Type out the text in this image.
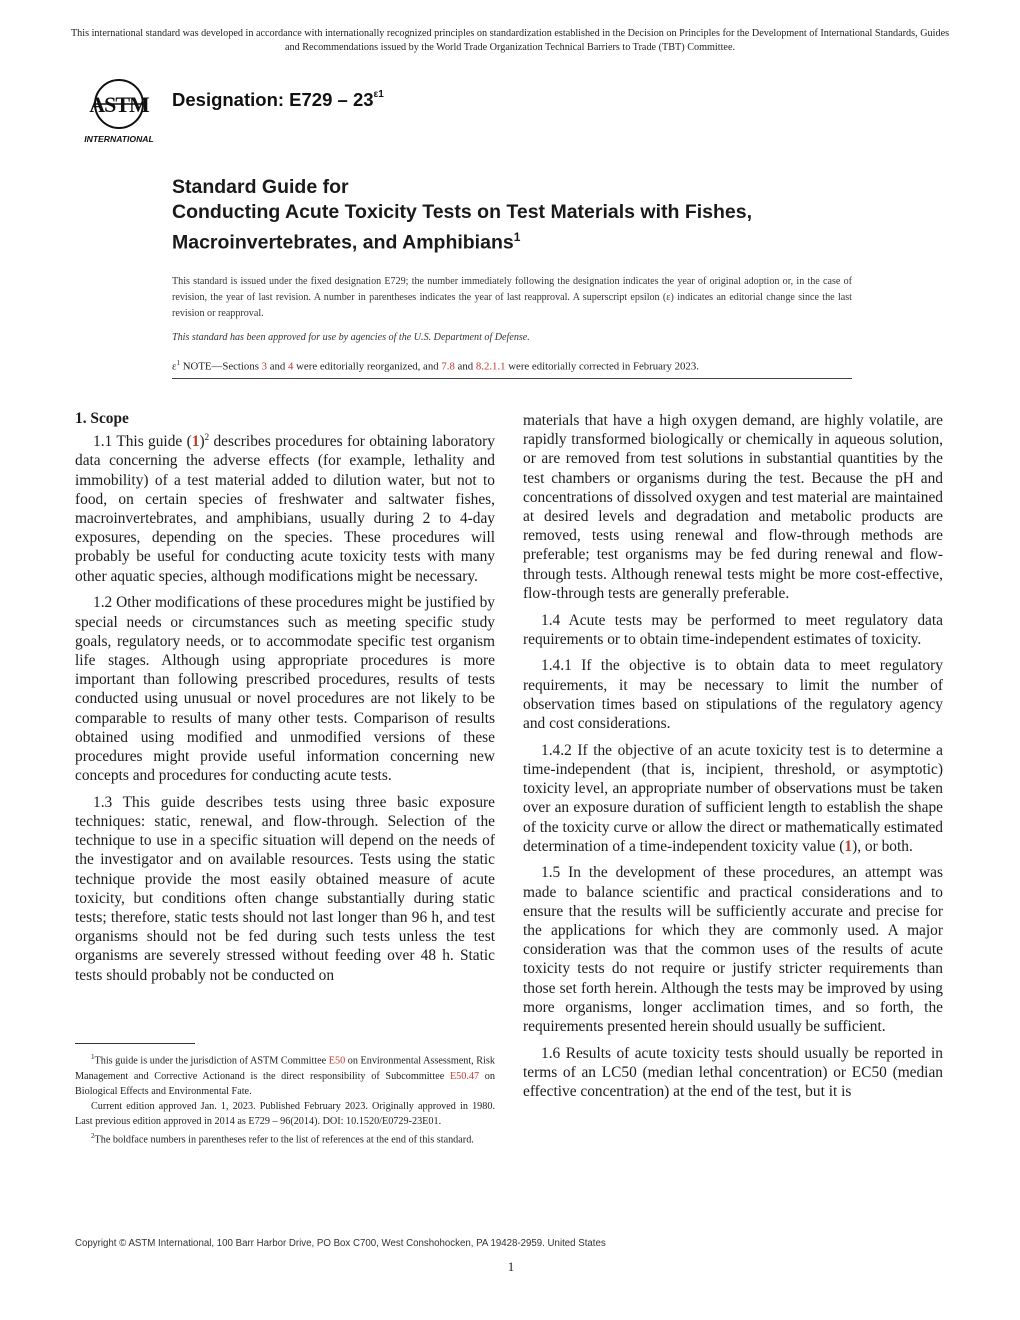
This international standard was developed in accordance with internationally recognized principles on standardization established in the Decision on Principles for the Development of International Standards, Guides and Recommendations issued by the World Trade Organization Technical Barriers to Trade (TBT) Committee.
ASTM
INTERNATIONAL
Designation: $E729 - 23^{\varepsilon 1}$
Standard Guide for
Conducting Acute Toxicity Tests on Test Materials with Fishes, Macroinvertebrates, and Amphibians$^1$
This standard is issued under the fixed designation E729; the number immediately following the designation indicates the year of original adoption or, in the case of revision, the year of last revision. A number in parentheses indicates the year of last reapproval. A superscript epsilon (ε) indicates an editorial change since the last revision or reapproval.
This standard has been approved for use by agencies of the U.S. Department of Defense.
$\varepsilon^1$ NOTE—Sections 3 and 4 were editorially reorganized, and 7.8 and 8.2.1.1 were editorially corrected in February 2023.

1. Scope

1.1 This guide $(1)^2$ describes procedures for obtaining laboratory data concerning the adverse effects (for example, lethality and immobility) of a test material added to dilution water, but not to food, on certain species of freshwater and saltwater fishes, macroinvertebrates, and amphibians, usually during 2 to 4-day exposures, depending on the species. These procedures will probably be useful for conducting acute toxicity tests with many other aquatic species, although modifications might be necessary.

1.2 Other modifications of these procedures might be justified by special needs or circumstances such as meeting specific study goals, regulatory needs, or to accommodate specific test organism life stages. Although using appropriate procedures is more important than following prescribed procedures, results of tests conducted using unusual or novel procedures are not likely to be comparable to results of many other tests. Comparison of results obtained using modified and unmodified versions of these procedures might provide useful information concerning new concepts and procedures for conducting acute tests.

1.3 This guide describes tests using three basic exposure techniques: static, renewal, and flow-through. Selection of the technique to use in a specific situation will depend on the needs of the investigator and on available resources. Tests using the static technique provide the most easily obtained measure of acute toxicity, but conditions often change substantially during static tests; therefore, static tests should not last longer than 96 h, and test organisms should not be fed during such tests unless the test organisms are severely stressed without feeding over 48 h. Static tests should probably not be conducted on

$^1$This guide is under the jurisdiction of ASTM Committee E50 on Environmental Assessment, Risk Management and Corrective Actionand is the direct responsibility of Subcommittee E50.47 on Biological Effects and Environmental Fate.

Current edition approved Jan. 1, 2023. Published February 2023. Originally approved in 1980. Last previous edition approved in 2014 as E729 – 96(2014). DOI: 10.1520/E0729-23E01.

$^2$The boldface numbers in parentheses refer to the list of references at the end of this standard.

materials that have a high oxygen demand, are highly volatile, are rapidly transformed biologically or chemically in aqueous solution, or are removed from test solutions in substantial quantities by the test chambers or organisms during the test. Because the pH and concentrations of dissolved oxygen and test material are maintained at desired levels and degradation and metabolic products are removed, tests using renewal and flow-through methods are preferable; test organisms may be fed during renewal and flow-through tests. Although renewal tests might be more cost-effective, flow-through tests are generally preferable.

1.4 Acute tests may be performed to meet regulatory data requirements or to obtain time-independent estimates of toxicity.

1.4.1 If the objective is to obtain data to meet regulatory requirements, it may be necessary to limit the number of observation times based on stipulations of the regulatory agency and cost considerations.

1.4.2 If the objective of an acute toxicity test is to determine a time-independent (that is, incipient, threshold, or asymptotic) toxicity level, an appropriate number of observations must be taken over an exposure duration of sufficient length to establish the shape of the toxicity curve or allow the direct or mathematically estimated determination of a time-independent toxicity value (1), or both.

1.5 In the development of these procedures, an attempt was made to balance scientific and practical considerations and to ensure that the results will be sufficiently accurate and precise for the applications for which they are commonly used. A major consideration was that the common uses of the results of acute toxicity tests do not require or justify stricter requirements than those set forth herein. Although the tests may be improved by using more organisms, longer acclimation times, and so forth, the requirements presented herein should usually be sufficient.

1.6 Results of acute toxicity tests should usually be reported in terms of an LC50 (median lethal concentration) or EC50 (median effective concentration) at the end of the test, but it is

Copyright © ASTM International, 100 Barr Harbor Drive, PO Box C700, West Conshohocken, PA 19428-2959. United States
1
